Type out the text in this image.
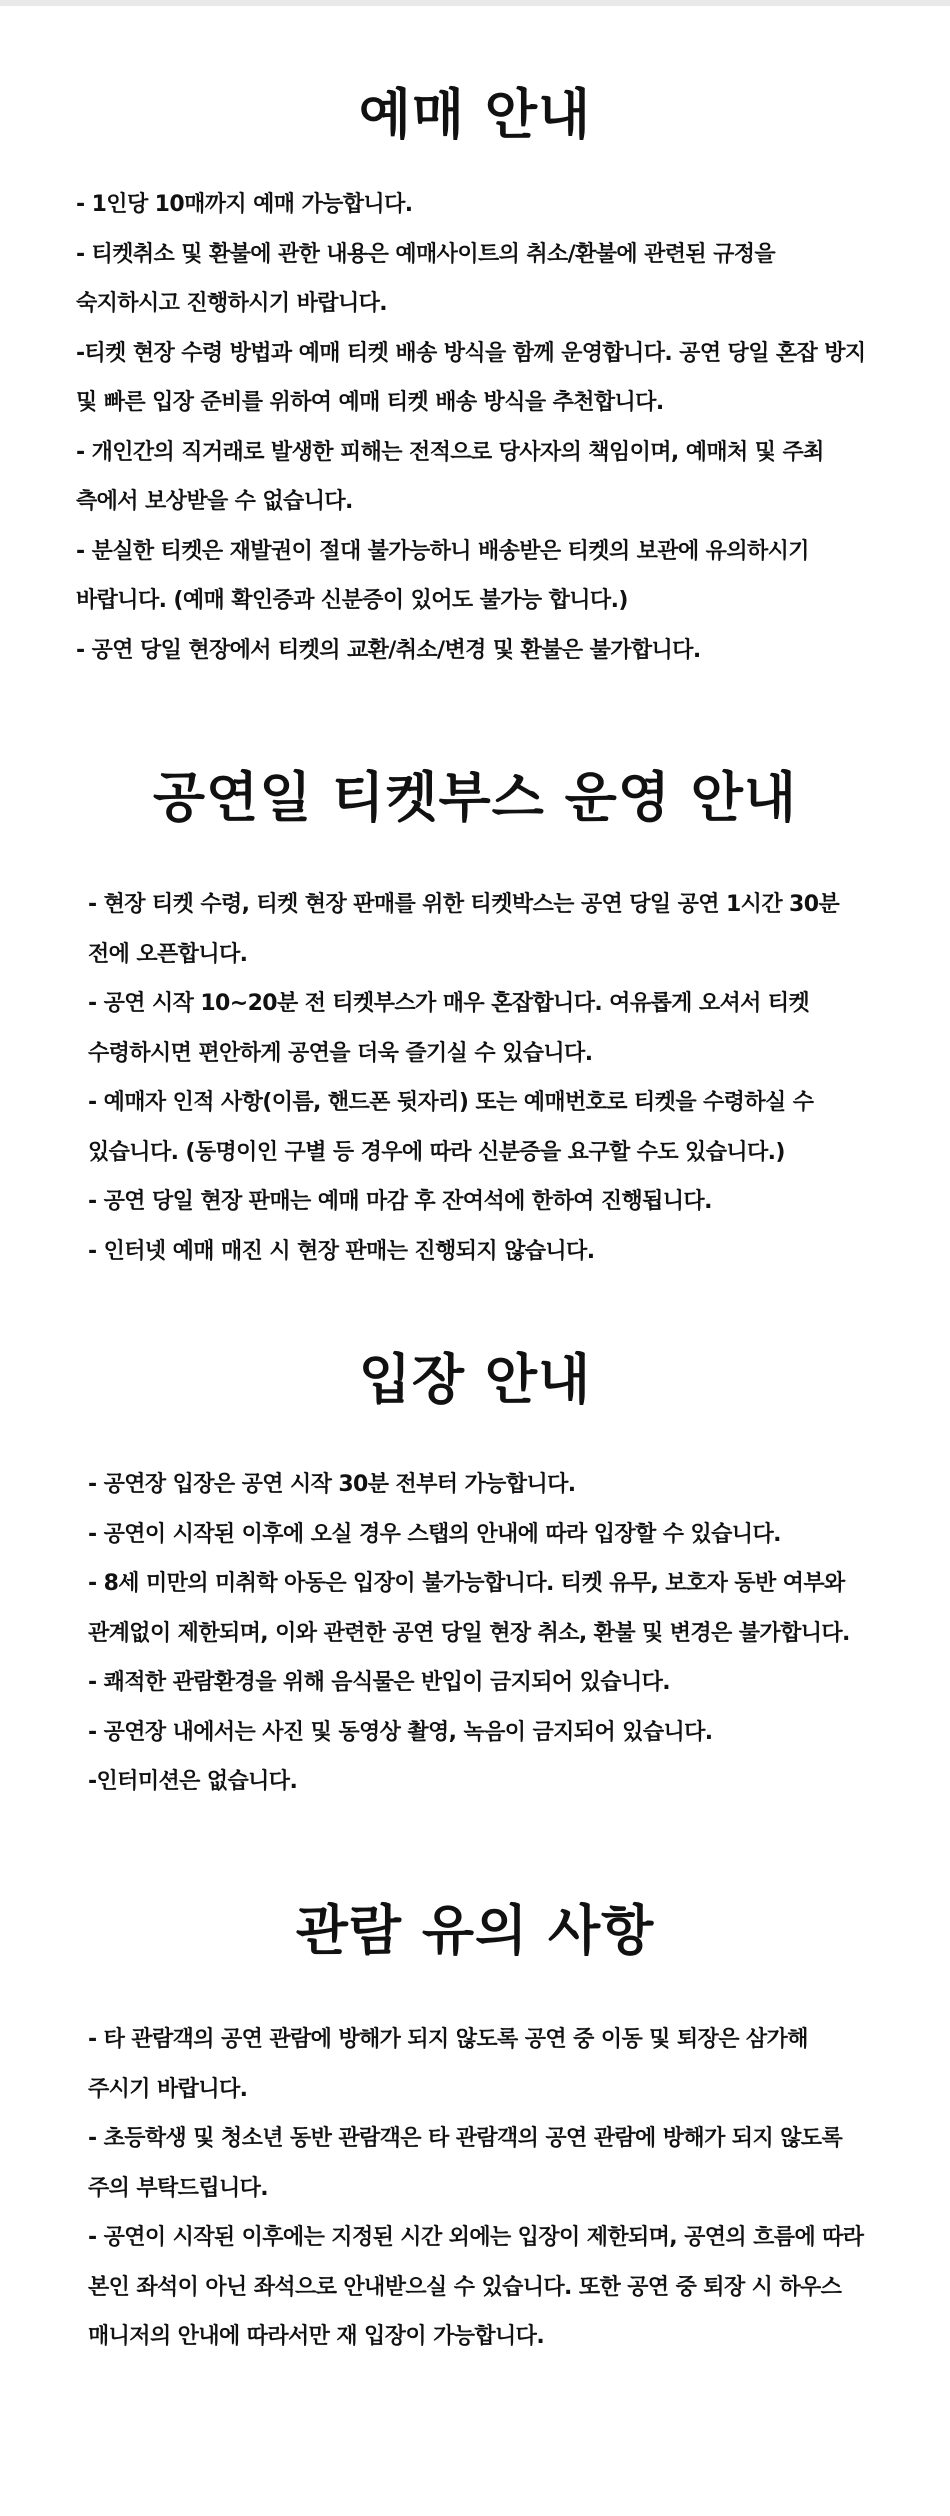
예매 안내
- 1인당 10매까지 예매 가능합니다.
- 티켓취소 및 환불에 관한 내용은 예매사이트의 취소/환불에 관련된 규정을
숙지하시고 진행하시기 바랍니다.
-티켓 현장 수령 방법과 예매 티켓 배송 방식을 함께 운영합니다. 공연 당일 혼잡 방지
및 빠른 입장 준비를 위하여 예매 티켓 배송 방식을 추천합니다.
- 개인간의 직거래로 발생한 피해는 전적으로 당사자의 책임이며, 예매처 및 주최
측에서 보상받을 수 없습니다.
- 분실한 티켓은 재발권이 절대 불가능하니 배송받은 티켓의 보관에 유의하시기
바랍니다. (예매 확인증과 신분증이 있어도 불가능 합니다.)
- 공연 당일 현장에서 티켓의 교환/취소/변경 및 환불은 불가합니다.
공연일 티켓부스 운영 안내
- 현장 티켓 수령, 티켓 현장 판매를 위한 티켓박스는 공연 당일 공연 1시간 30분
전에 오픈합니다.
- 공연 시작 10~20분 전 티켓부스가 매우 혼잡합니다. 여유롭게 오셔서 티켓
수령하시면 편안하게 공연을 더욱 즐기실 수 있습니다.
- 예매자 인적 사항(이름, 핸드폰 뒷자리) 또는 예매번호로 티켓을 수령하실 수
있습니다. (동명이인 구별 등 경우에 따라 신분증을 요구할 수도 있습니다.)
- 공연 당일 현장 판매는 예매 마감 후 잔여석에 한하여 진행됩니다.
- 인터넷 예매 매진 시 현장 판매는 진행되지 않습니다.
입장 안내
- 공연장 입장은 공연 시작 30분 전부터 가능합니다.
- 공연이 시작된 이후에 오실 경우 스탭의 안내에 따라 입장할 수 있습니다.
- 8세 미만의 미취학 아동은 입장이 불가능합니다. 티켓 유무, 보호자 동반 여부와
관계없이 제한되며, 이와 관련한 공연 당일 현장 취소, 환불 및 변경은 불가합니다.
- 쾌적한 관람환경을 위해 음식물은 반입이 금지되어 있습니다.
- 공연장 내에서는 사진 및 동영상 촬영, 녹음이 금지되어 있습니다.
-인터미션은 없습니다.
관람 유의 사항
- 타 관람객의 공연 관람에 방해가 되지 않도록 공연 중 이동 및 퇴장은 삼가해
주시기 바랍니다.
- 초등학생 및 청소년 동반 관람객은 타 관람객의 공연 관람에 방해가 되지 않도록
주의 부탁드립니다.
- 공연이 시작된 이후에는 지정된 시간 외에는 입장이 제한되며, 공연의 흐름에 따라
본인 좌석이 아닌 좌석으로 안내받으실 수 있습니다. 또한 공연 중 퇴장 시 하우스
매니저의 안내에 따라서만 재 입장이 가능합니다.
